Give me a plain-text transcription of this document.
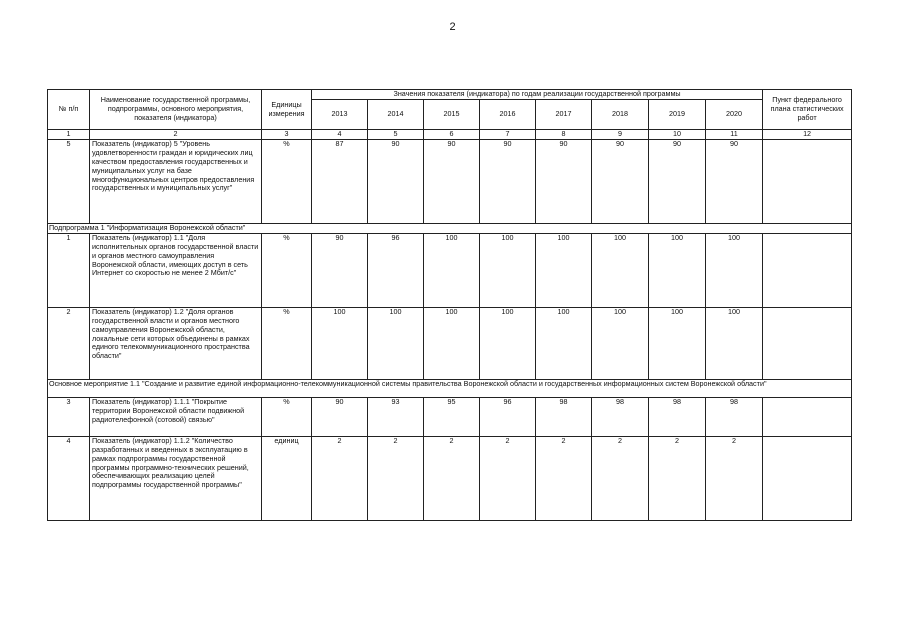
2
№ п/п	Наименование государственной программы, подпрограммы, основного мероприятия, показателя (индикатора)	Единицы измерения	Значения показателя (индикатора) по годам реализации государственной программы								Пункт федерального плана статистических работ
			2013	2014	2015	2016	2017	2018	2019	2020	
1	2	3	4	5	6	7	8	9	10	11	12
5	Показатель (индикатор) 5 "Уровень удовлетворенности граждан и юридических лиц качеством предоставления государственных и муниципальных услуг на базе многофункциональных центров предоставления государственных и муниципальных услуг"	%	87	90	90	90	90	90	90	90	
Подпрограмма 1 "Информатизация Воронежской области"											
1	Показатель (индикатор) 1.1 "Доля исполнительных органов государственной власти и органов местного самоуправления Воронежской области, имеющих доступ в сеть Интернет со скоростью не менее 2 Мбит/с"	%	90	96	100	100	100	100	100	100	
2	Показатель (индикатор) 1.2 "Доля органов государственной власти и органов местного самоуправления Воронежской области, локальные сети которых объединены в рамках единого телекоммуникационного пространства области"	%	100	100	100	100	100	100	100	100	
Основное мероприятие 1.1 "Создание и развитие единой информационно-телекоммуникационной системы правительства Воронежской области и государственных информационных систем Воронежской области"											
3	Показатель (индикатор) 1.1.1 "Покрытие территории Воронежской области подвижной радиотелефонной (сотовой) связью"	%	90	93	95	96	98	98	98	98	
4	Показатель (индикатор) 1.1.2 "Количество разработанных и введенных в эксплуатацию в рамках подпрограммы государственной программы программно-технических решений, обеспечивающих реализацию целей подпрограммы государственной программы"	единиц	2	2	2	2	2	2	2	2	
